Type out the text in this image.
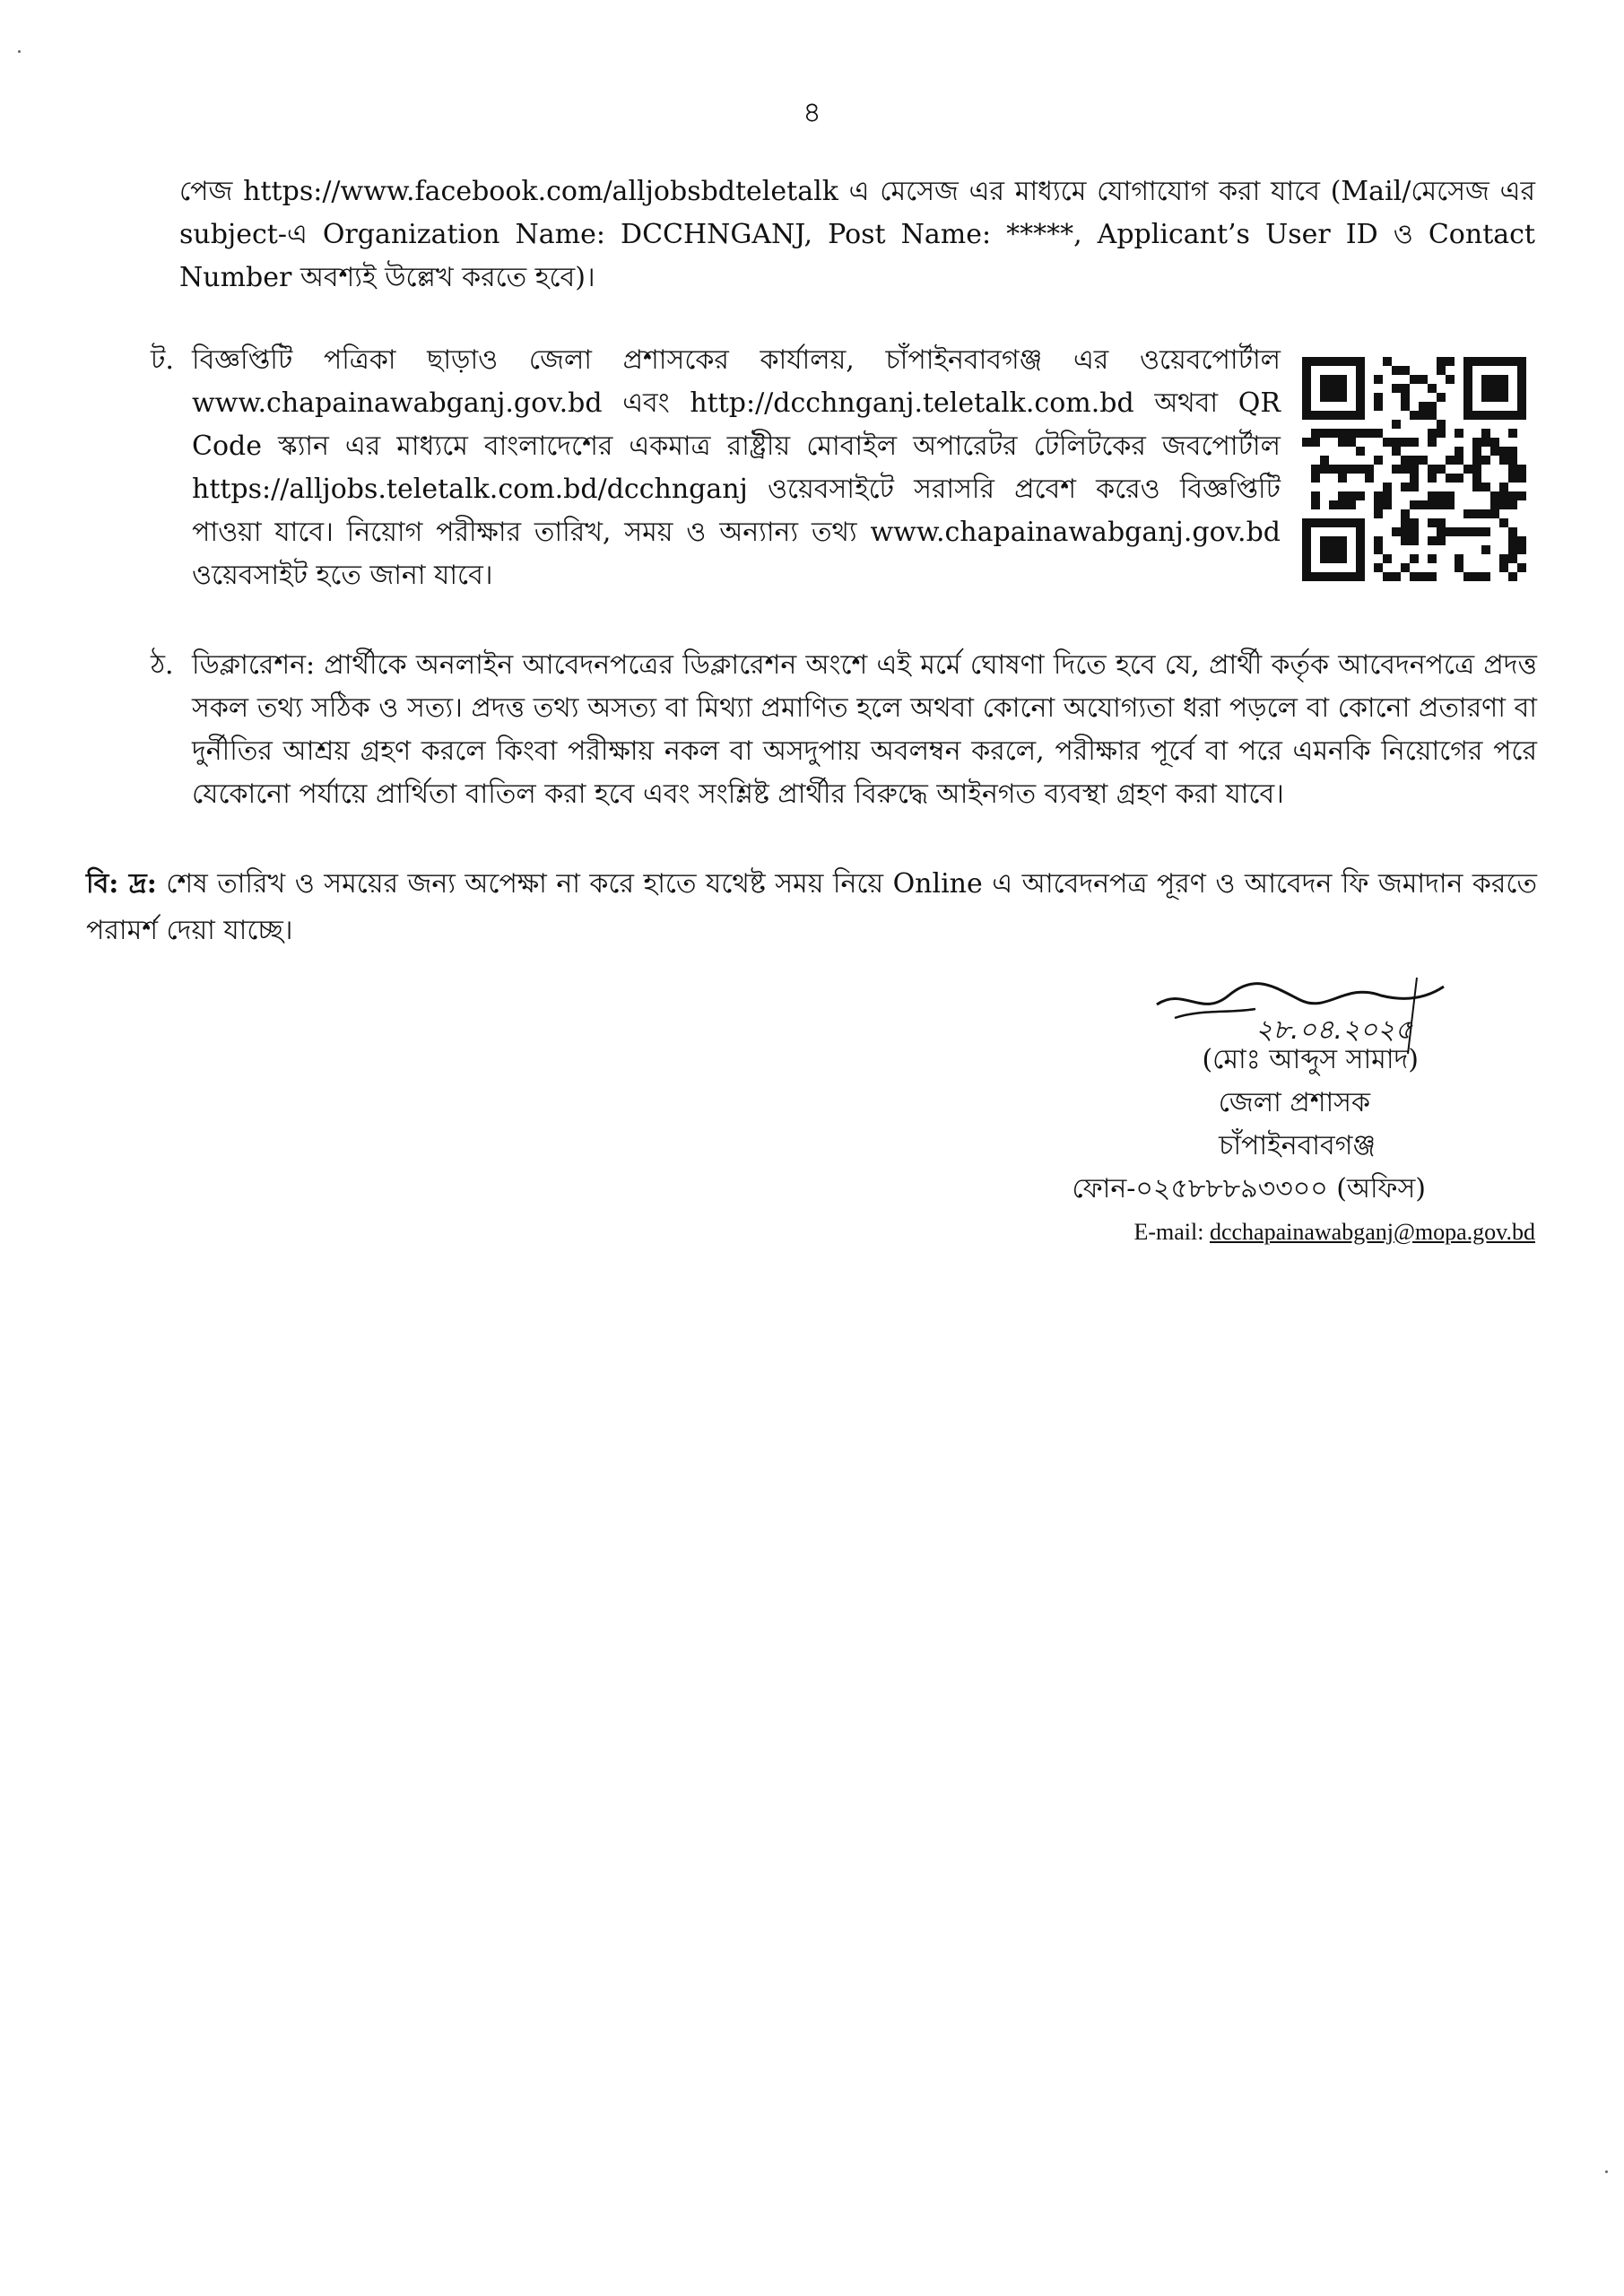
৪

পেজ https://www.facebook.com/alljobsbdteletalk এ মেসেজ এর মাধ্যমে যোগাযোগ করা যাবে (Mail/মেসেজ এর subject-এ Organization Name: DCCHNGANJ, Post Name: *****, Applicant’s User ID ও Contact Number অবশ্যই উল্লেখ করতে হবে)।

ট. বিজ্ঞপ্তিটি পত্রিকা ছাড়াও জেলা প্রশাসকের কার্যালয়, চাঁপাইনবাবগঞ্জ এর ওয়েবপোর্টাল www.chapainawabganj.gov.bd এবং http://dcchnganj.teletalk.com.bd অথবা QR Code স্ক্যান এর মাধ্যমে বাংলাদেশের একমাত্র রাষ্ট্রীয় মোবাইল অপারেটর টেলিটকের জবপোর্টাল https://alljobs.teletalk.com.bd/dcchnganj ওয়েবসাইটে সরাসরি প্রবেশ করেও বিজ্ঞপ্তিটি পাওয়া যাবে। নিয়োগ পরীক্ষার তারিখ, সময় ও অন্যান্য তথ্য www.chapainawabganj.gov.bd ওয়েবসাইট হতে জানা যাবে।
ঠ. ডিক্লারেশন: প্রার্থীকে অনলাইন আবেদনপত্রের ডিক্লারেশন অংশে এই মর্মে ঘোষণা দিতে হবে যে, প্রার্থী কর্তৃক আবেদনপত্রে প্রদত্ত সকল তথ্য সঠিক ও সত্য। প্রদত্ত তথ্য অসত্য বা মিথ্যা প্রমাণিত হলে অথবা কোনো অযোগ্যতা ধরা পড়লে বা কোনো প্রতারণা বা দুর্নীতির আশ্রয় গ্রহণ করলে কিংবা পরীক্ষায় নকল বা অসদুপায় অবলম্বন করলে, পরীক্ষার পূর্বে বা পরে এমনকি নিয়োগের পরে যেকোনো পর্যায়ে প্রার্থিতা বাতিল করা হবে এবং সংশ্লিষ্ট প্রার্থীর বিরুদ্ধে আইনগত ব্যবস্থা গ্রহণ করা যাবে।
বি: দ্র: শেষ তারিখ ও সময়ের জন্য অপেক্ষা না করে হাতে যথেষ্ট সময় নিয়ে Online এ আবেদনপত্র পূরণ ও আবেদন ফি জমাদান করতে পরামর্শ দেয়া যাচ্ছে।
২৮.০৪.২০২৫
(মোঃ আব্দুস সামাদ)
জেলা প্রশাসক
চাঁপাইনবাবগঞ্জ
ফোন-০২৫৮৮৮৯৩৩০০ (অফিস)
E-mail: dcchapainawabganj@mopa.gov.bd
